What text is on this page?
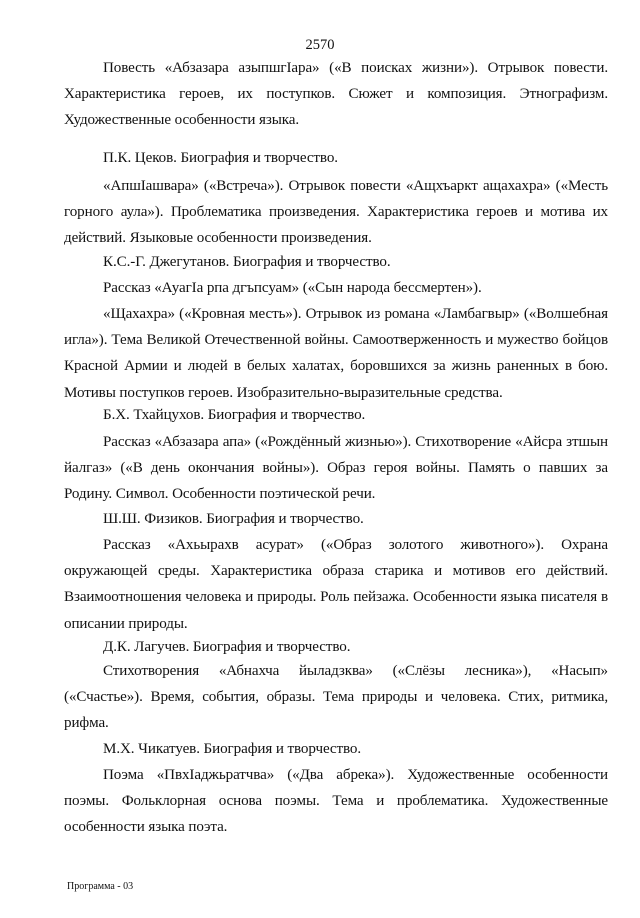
2570

Повесть «Абзазара азыпшгІара» («В поисках жизни»). Отрывок повести. Характеристика героев, их поступков. Сюжет и композиция. Этнографизм. Художественные особенности языка.

П.К. Цеков. Биография и творчество.

«АпшІашвара» («Встреча»). Отрывок повести «Ащхъаркт ащахахра» («Месть горного аула»). Проблематика произведения. Характеристика героев и мотива их действий. Языковые особенности произведения.

К.С.-Г. Джегутанов. Биография и творчество.

Рассказ «АуагІа рпа дгъпсуам» («Сын народа бессмертен»).

«Щахахра» («Кровная месть»). Отрывок из романа «Ламбагвыр» («Волшебная игла»). Тема Великой Отечественной войны. Самоотверженность и мужество бойцов Красной Армии и людей в белых халатах, боровшихся за жизнь раненных в бою. Мотивы поступков героев. Изобразительно-выразительные средства.

Б.Х. Тхайцухов. Биография и творчество.

Рассказ «Абзазара апа» («Рождённый жизнью»). Стихотворение «Айсра зтшын йалгаз» («В день окончания войны»). Образ героя войны. Память о павших за Родину. Символ. Особенности поэтической речи.

Ш.Ш. Физиков. Биография и творчество.

Рассказ «Ахьырахв асурат» («Образ золотого животного»). Охрана окружающей среды. Характеристика образа старика и мотивов его действий. Взаимоотношения человека и природы. Роль пейзажа. Особенности языка писателя в описании природы.

Д.К. Лагучев. Биография и творчество.

Стихотворения «Абнахча йыладзква» («Слёзы лесника»), «Насып» («Счастье»). Время, события, образы. Тема природы и человека. Стих, ритмика, рифма.

М.Х. Чикатуев. Биография и творчество.

Поэма «ПвхІаджьратчва» («Два абрека»). Художественные особенности поэмы. Фольклорная основа поэмы. Тема и проблематика. Художественные особенности языка поэта.

Программа - 03
